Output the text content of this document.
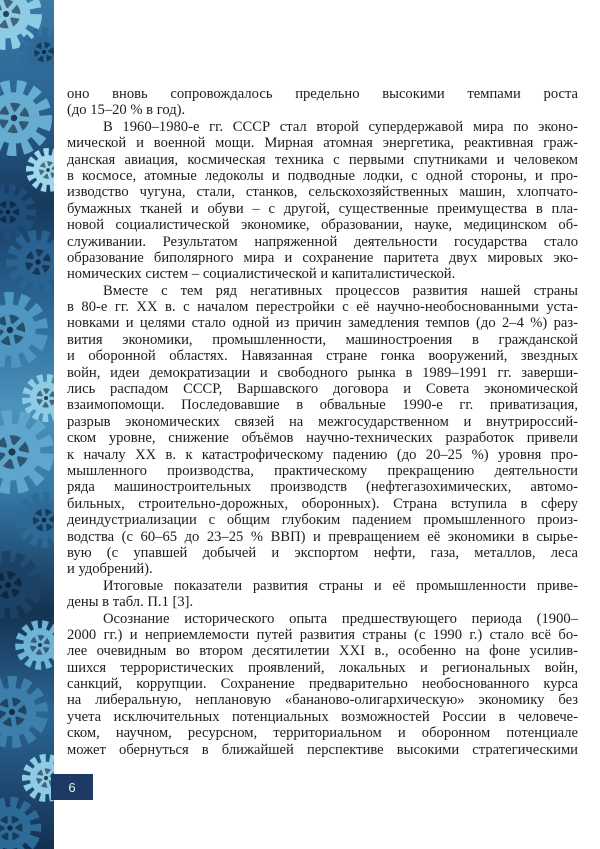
6
оно вновь сопровождалось предельно высокими темпами роста
(до 15–20 % в год).
В 1960–1980-е гг. СССР стал второй супердержавой мира по эконо-
мической и военной мощи. Мирная атомная энергетика, реактивная граж-
данская авиация, космическая техника с первыми спутниками и человеком
в космосе, атомные ледоколы и подводные лодки, с одной стороны, и про-
изводство чугуна, стали, станков, сельскохозяйственных машин, хлопчато-
бумажных тканей и обуви – с другой, существенные преимущества в пла-
новой социалистической экономике, образовании, науке, медицинском об-
служивании. Результатом напряженной деятельности государства стало
образование биполярного мира и сохранение паритета двух мировых эко-
номических систем – социалистической и капиталистической.
Вместе с тем ряд негативных процессов развития нашей страны
в 80-е гг. XX в. с началом перестройки с её научно-необоснованными уста-
новками и целями стало одной из причин замедления темпов (до 2–4 %) раз-
вития экономики, промышленности, машиностроения в гражданской
и оборонной областях. Навязанная стране гонка вооружений, звездных
войн, идеи демократизации и свободного рынка в 1989–1991 гг. заверши-
лись распадом СССР, Варшавского договора и Совета экономической
взаимопомощи. Последовавшие в обвальные 1990-е гг. приватизация,
разрыв экономических связей на межгосударственном и внутрироссий-
ском уровне, снижение объёмов научно-технических разработок привели
к началу XX в. к катастрофическому падению (до 20–25 %) уровня про-
мышленного производства, практическому прекращению деятельности
ряда машиностроительных производств (нефтегазохимических, автомо-
бильных, строительно-дорожных, оборонных). Страна вступила в сферу
деиндустриализации с общим глубоким падением промышленного произ-
водства (с 60–65 до 23–25 % ВВП) и превращением её экономики в сырье-
вую (с упавшей добычей и экспортом нефти, газа, металлов, леса
и удобрений).
Итоговые показатели развития страны и её промышленности приве-
дены в табл. П.1 [3].
Осознание исторического опыта предшествующего периода (1900–
2000 гг.) и неприемлемости путей развития страны (с 1990 г.) стало всё бо-
лее очевидным во втором десятилетии XXI в., особенно на фоне усилив-
шихся террористических проявлений, локальных и региональных войн,
санкций, коррупции. Сохранение предварительно необоснованного курса
на либеральную, неплановую «бананово-олигархическую» экономику без
учета исключительных потенциальных возможностей России в человече-
ском, научном, ресурсном, территориальном и оборонном потенциале
может обернуться в ближайшей перспективе высокими стратегическими
